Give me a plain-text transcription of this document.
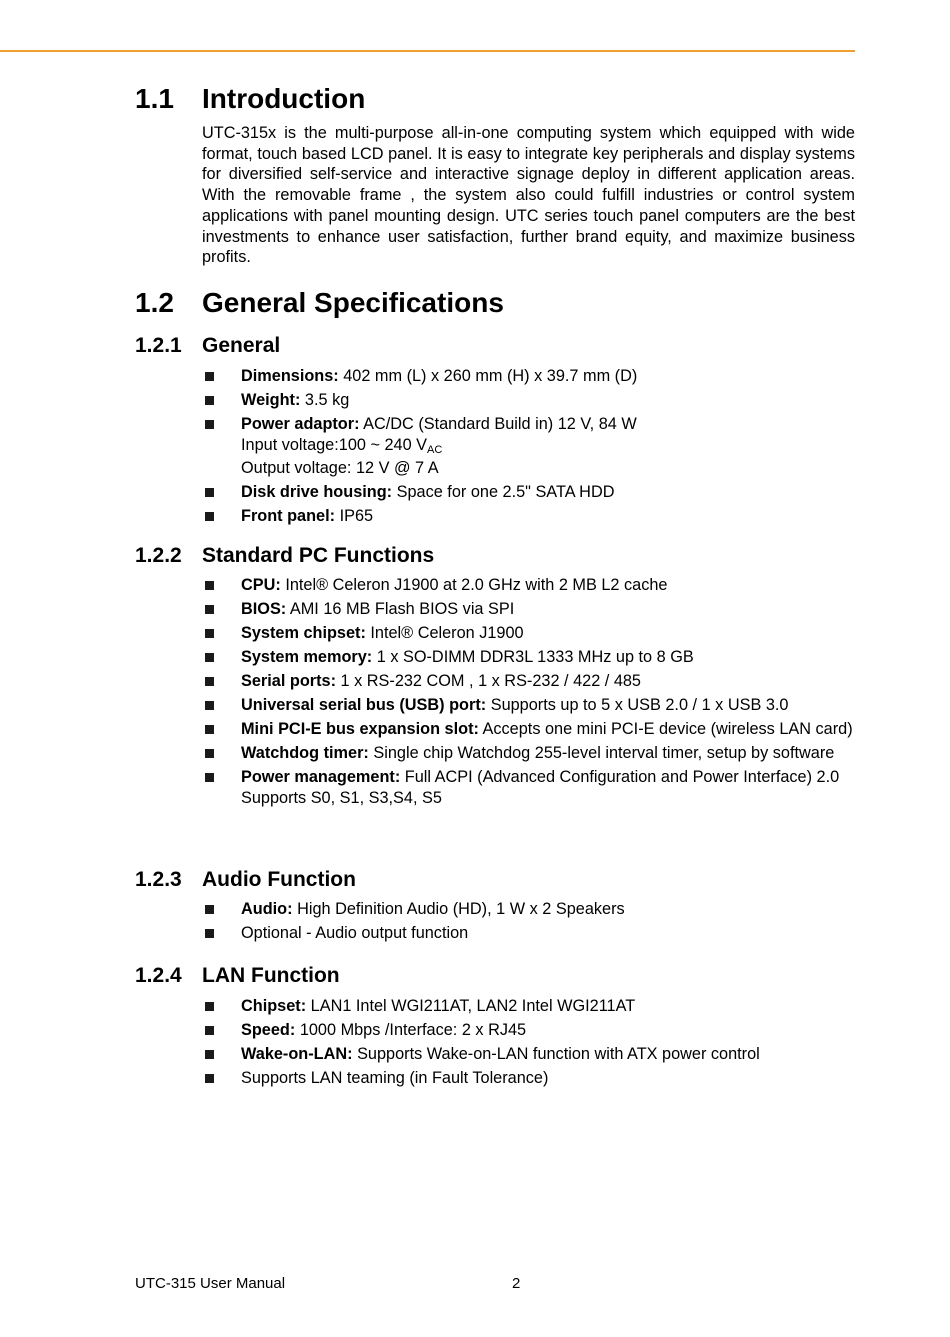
1.1 Introduction

UTC-315x is the multi-purpose all-in-one computing system which equipped with wide format, touch based LCD panel. It is easy to integrate key peripherals and display systems for diversified self-service and interactive signage deploy in different application areas. With the removable frame , the system also could fulfill industries or control system applications with panel mounting design. UTC series touch panel computers are the best investments to enhance user satisfaction, further brand equity, and maximize business profits.

1.2 General Specifications
1.2.1 General
Dimensions: 402 mm (L) x 260 mm (H) x 39.7 mm (D)
Weight: 3.5 kg
Power adaptor: AC/DC (Standard Build in) 12 V, 84 W
Input voltage:100 ~ 240 $V_{AC}$
Output voltage: 12 V @ 7 A
Disk drive housing: Space for one 2.5" SATA HDD
Front panel: IP65
1.2.2 Standard PC Functions
CPU: Intel® Celeron J1900 at 2.0 GHz with 2 MB L2 cache
BIOS: AMI 16 MB Flash BIOS via SPI
System chipset: Intel® Celeron J1900
System memory: 1 x SO-DIMM DDR3L 1333 MHz up to 8 GB
Serial ports: 1 x RS-232 COM , 1 x RS-232 / 422 / 485
Universal serial bus (USB) port: Supports up to 5 x USB 2.0 / 1 x USB 3.0
Mini PCI-E bus expansion slot: Accepts one mini PCI-E device (wireless LAN card)
Watchdog timer: Single chip Watchdog 255-level interval timer, setup by software
Power management: Full ACPI (Advanced Configuration and Power Interface) 2.0 Supports S0, S1, S3,S4, S5
1.2.3 Audio Function
Audio: High Definition Audio (HD), 1 W x 2 Speakers
Optional - Audio output function
1.2.4 LAN Function
Chipset: LAN1 Intel WGI211AT, LAN2 Intel WGI211AT
Speed: 1000 Mbps /Interface: 2 x RJ45
Wake-on-LAN: Supports Wake-on-LAN function with ATX power control
Supports LAN teaming (in Fault Tolerance)
UTC-315 User Manual	2
